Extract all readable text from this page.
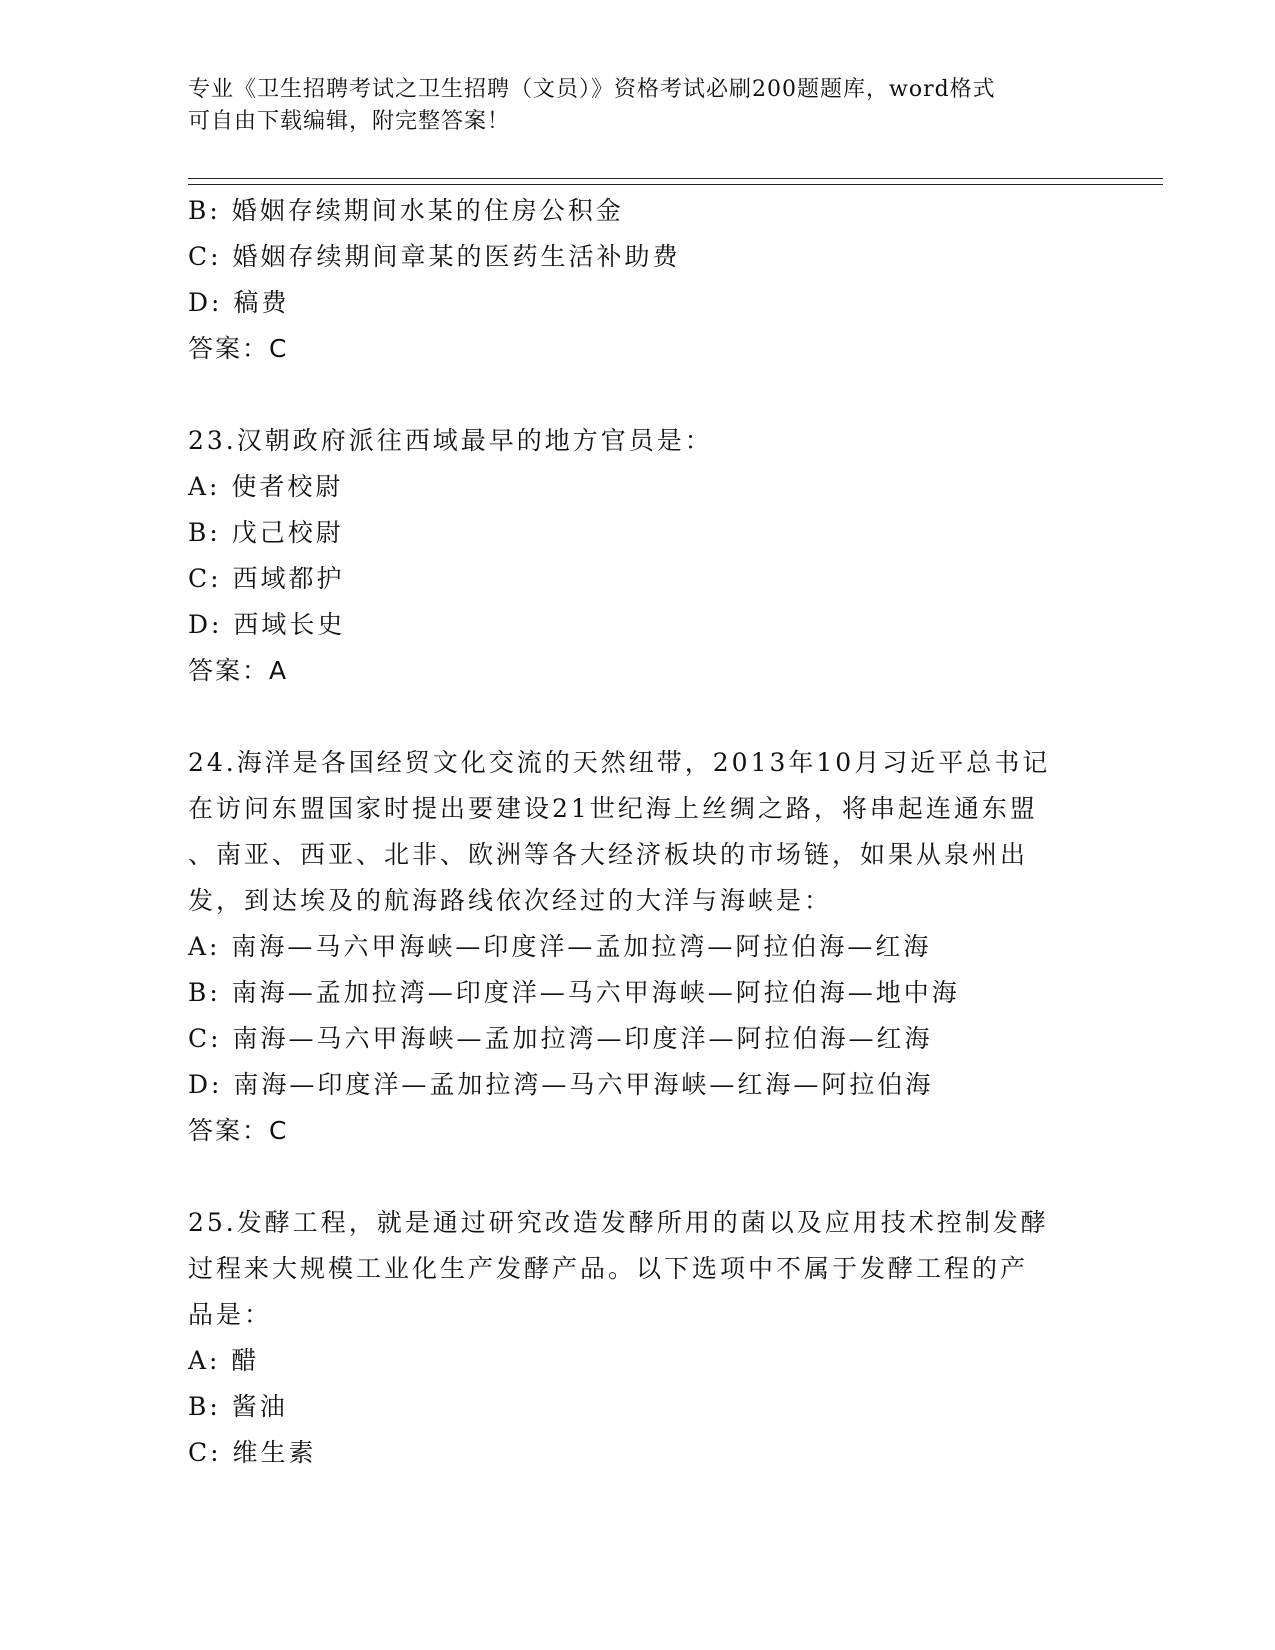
专业《卫生招聘考试之卫生招聘（文员）》资格考试必刷200题题库，word格式
可自由下载编辑，附完整答案！
B: 婚姻存续期间水某的住房公积金
C: 婚姻存续期间章某的医药生活补助费
D: 稿费
答案：C
23.汉朝政府派往西域最早的地方官员是：
A: 使者校尉
B: 戊己校尉
C: 西域都护
D: 西域长史
答案：A
24.海洋是各国经贸文化交流的天然纽带，2013年10月习近平总书记
在访问东盟国家时提出要建设21世纪海上丝绸之路，将串起连通东盟
、南亚、西亚、北非、欧洲等各大经济板块的市场链，如果从泉州出
发，到达埃及的航海路线依次经过的大洋与海峡是：
A: 南海—马六甲海峡—印度洋—孟加拉湾—阿拉伯海—红海
B: 南海—孟加拉湾—印度洋—马六甲海峡—阿拉伯海—地中海
C: 南海—马六甲海峡—孟加拉湾—印度洋—阿拉伯海—红海
D: 南海—印度洋—孟加拉湾—马六甲海峡—红海—阿拉伯海
答案：C
25.发酵工程，就是通过研究改造发酵所用的菌以及应用技术控制发酵
过程来大规模工业化生产发酵产品。以下选项中不属于发酵工程的产
品是：
A: 醋
B: 酱油
C: 维生素
